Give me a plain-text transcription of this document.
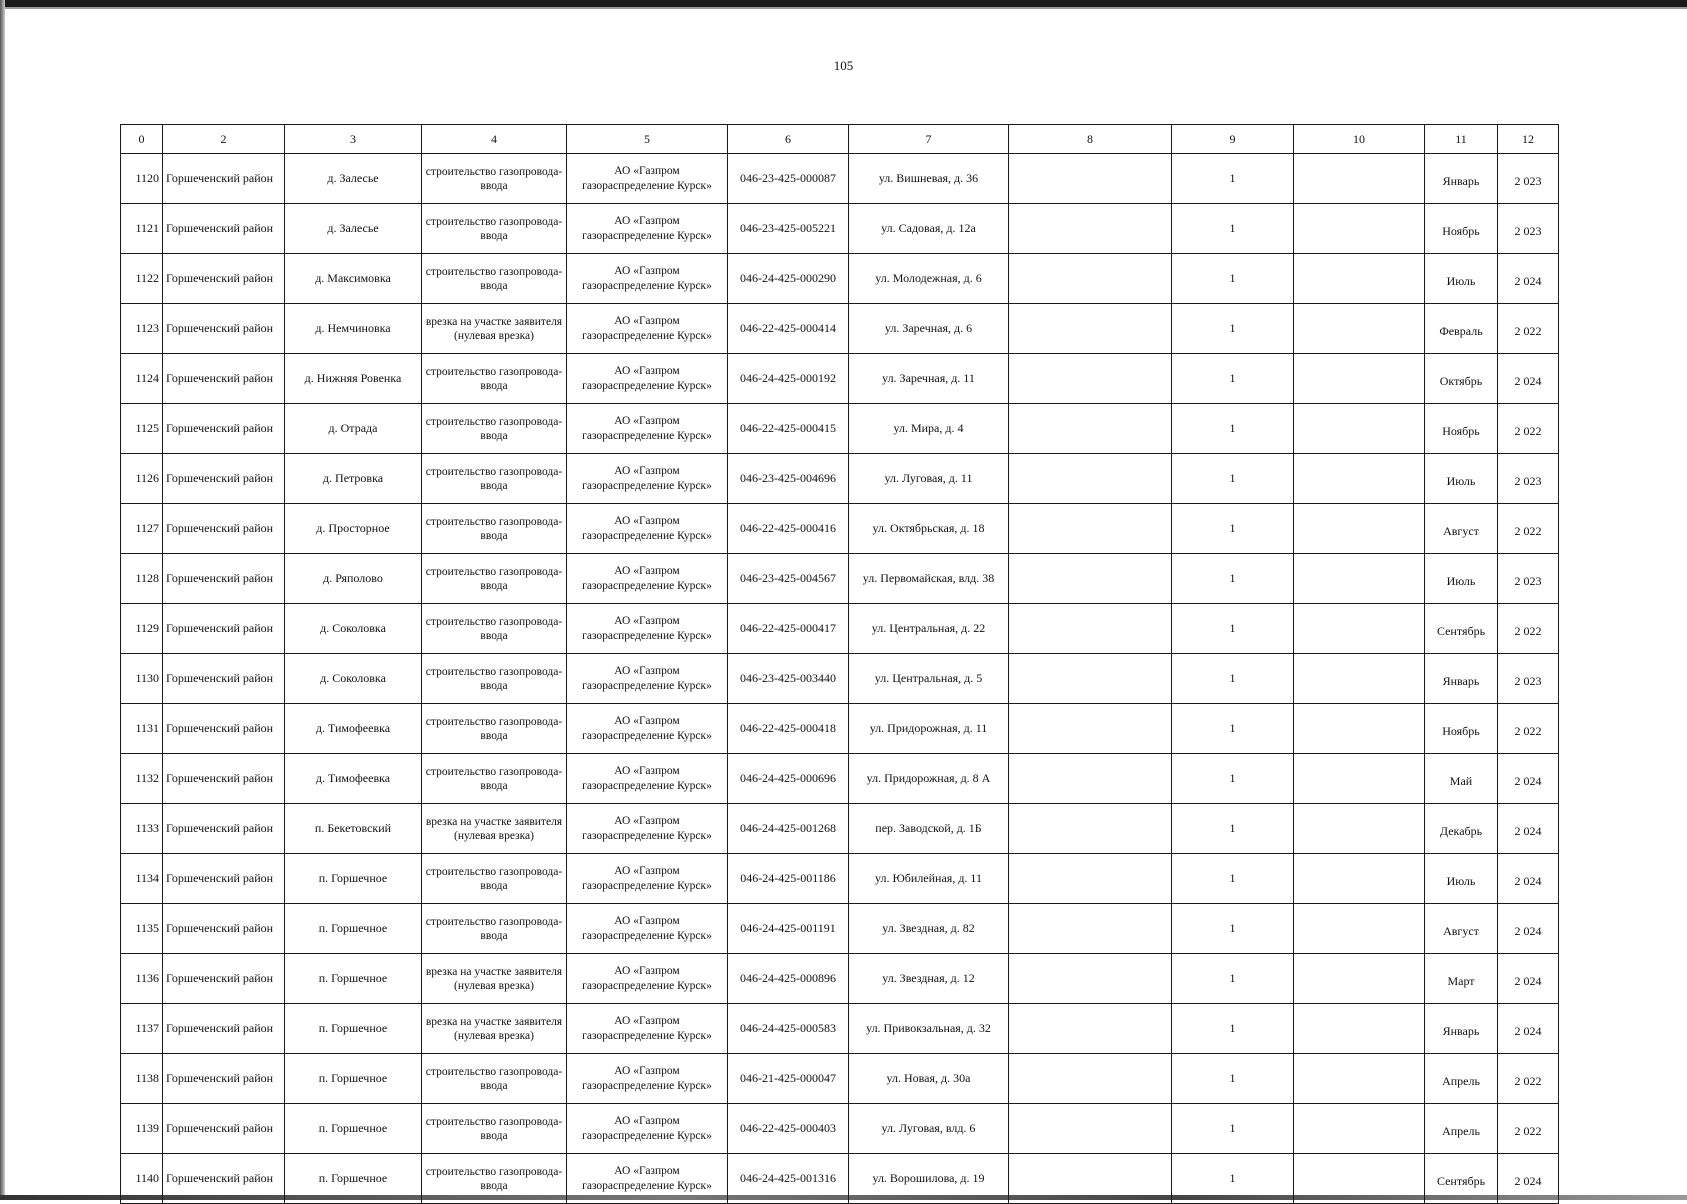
105
0	2	3	4	5	6	7	8	9	10	11	12
1120	Горшеченский район	д. Залесье	строительство газопровода-ввода	АО «Газпром газораспределение Курск»	046-23-425-000087	ул. Вишневая, д. 36		1		Январь	2 023
1121	Горшеченский район	д. Залесье	строительство газопровода-ввода	АО «Газпром газораспределение Курск»	046-23-425-005221	ул. Садовая, д. 12а		1		Ноябрь	2 023
1122	Горшеченский район	д. Максимовка	строительство газопровода-ввода	АО «Газпром газораспределение Курск»	046-24-425-000290	ул. Молодежная, д. 6		1		Июль	2 024
1123	Горшеченский район	д. Немчиновка	врезка на участке заявителя (нулевая врезка)	АО «Газпром газораспределение Курск»	046-22-425-000414	ул. Заречная, д. 6		1		Февраль	2 022
1124	Горшеченский район	д. Нижняя Ровенка	строительство газопровода-ввода	АО «Газпром газораспределение Курск»	046-24-425-000192	ул. Заречная, д. 11		1		Октябрь	2 024
1125	Горшеченский район	д. Отрада	строительство газопровода-ввода	АО «Газпром газораспределение Курск»	046-22-425-000415	ул. Мира, д. 4		1		Ноябрь	2 022
1126	Горшеченский район	д. Петровка	строительство газопровода-ввода	АО «Газпром газораспределение Курск»	046-23-425-004696	ул. Луговая, д. 11		1		Июль	2 023
1127	Горшеченский район	д. Просторное	строительство газопровода-ввода	АО «Газпром газораспределение Курск»	046-22-425-000416	ул. Октябрьская, д. 18		1		Август	2 022
1128	Горшеченский район	д. Ряполово	строительство газопровода-ввода	АО «Газпром газораспределение Курск»	046-23-425-004567	ул. Первомайская, влд. 38		1		Июль	2 023
1129	Горшеченский район	д. Соколовка	строительство газопровода-ввода	АО «Газпром газораспределение Курск»	046-22-425-000417	ул. Центральная, д. 22		1		Сентябрь	2 022
1130	Горшеченский район	д. Соколовка	строительство газопровода-ввода	АО «Газпром газораспределение Курск»	046-23-425-003440	ул. Центральная, д. 5		1		Январь	2 023
1131	Горшеченский район	д. Тимофеевка	строительство газопровода-ввода	АО «Газпром газораспределение Курск»	046-22-425-000418	ул. Придорожная, д. 11		1		Ноябрь	2 022
1132	Горшеченский район	д. Тимофеевка	строительство газопровода-ввода	АО «Газпром газораспределение Курск»	046-24-425-000696	ул. Придорожная, д. 8 А		1		Май	2 024
1133	Горшеченский район	п. Бекетовский	врезка на участке заявителя (нулевая врезка)	АО «Газпром газораспределение Курск»	046-24-425-001268	пер. Заводской, д. 1Б		1		Декабрь	2 024
1134	Горшеченский район	п. Горшечное	строительство газопровода-ввода	АО «Газпром газораспределение Курск»	046-24-425-001186	ул. Юбилейная, д. 11		1		Июль	2 024
1135	Горшеченский район	п. Горшечное	строительство газопровода-ввода	АО «Газпром газораспределение Курск»	046-24-425-001191	ул. Звездная, д. 82		1		Август	2 024
1136	Горшеченский район	п. Горшечное	врезка на участке заявителя (нулевая врезка)	АО «Газпром газораспределение Курск»	046-24-425-000896	ул. Звездная, д. 12		1		Март	2 024
1137	Горшеченский район	п. Горшечное	врезка на участке заявителя (нулевая врезка)	АО «Газпром газораспределение Курск»	046-24-425-000583	ул. Привокзальная, д. 32		1		Январь	2 024
1138	Горшеченский район	п. Горшечное	строительство газопровода-ввода	АО «Газпром газораспределение Курск»	046-21-425-000047	ул. Новая, д. 30а		1		Апрель	2 022
1139	Горшеченский район	п. Горшечное	строительство газопровода-ввода	АО «Газпром газораспределение Курск»	046-22-425-000403	ул. Луговая, влд. 6		1		Апрель	2 022
1140	Горшеченский район	п. Горшечное	строительство газопровода-ввода	АО «Газпром газораспределение Курск»	046-24-425-001316	ул. Ворошилова, д. 19		1		Сентябрь	2 024
